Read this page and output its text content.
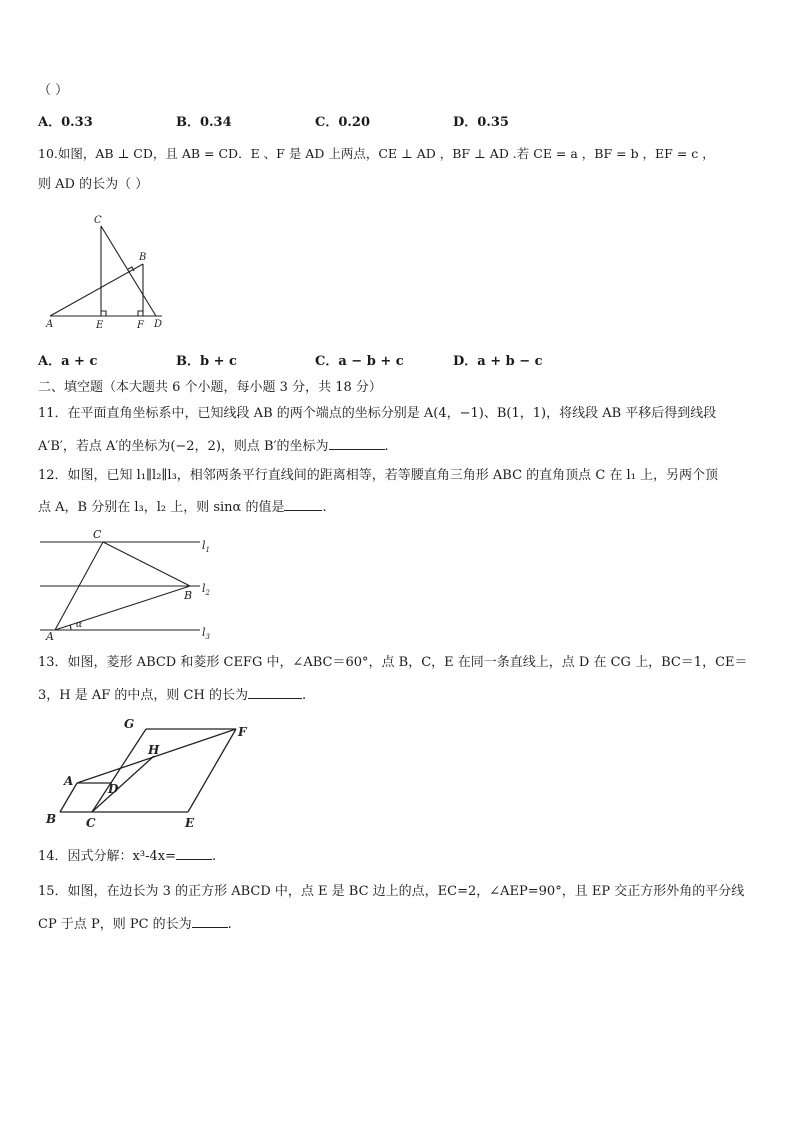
（ ）
A．0.33	B．0.34	C．0.20	D．0.35
10.如图，AB ⊥ CD，且 AB = CD．E 、F 是 AD 上两点，CE ⊥ AD ，BF ⊥ AD .若 CE = a ，BF = b ，EF = c ，
则 AD 的长为（ ）
C
B
A	E	F D
A．a + c	B．b + c	C．a − b + c	D．a + b − c
二、填空题（本大题共 6 个小题，每小题 3 分，共 18 分）
11．在平面直角坐标系中，已知线段 AB 的两个端点的坐标分别是 A(4，−1)、B(1，1)，将线段 AB 平移后得到线段
A′B′，若点 A′的坐标为(−2，2)，则点 B′的坐标为	.
12．如图，已知 l₁∥l₂∥l₃，相邻两条平行直线间的距离相等，若等腰直角三角形 ABC 的直角顶点 C 在 l₁ 上，另两个顶
点 A，B 分别在 l₃，l₂ 上，则 sinα 的值是	.
C
B
A
α
$l_1$
$l_2$
$l_3$
13．如图，菱形 ABCD 和菱形 CEFG 中，∠ABC＝60°，点 B，C，E 在同一条直线上，点 D 在 CG 上，BC＝1，CE＝
3，H 是 AF 的中点，则 CH 的长为	.
G
F
H
A
D
B C	E
14．因式分解：x³-4x=	.
15．如图，在边长为 3 的正方形 ABCD 中，点 E 是 BC 边上的点，EC=2，∠AEP=90°，且 EP 交正方形外角的平分线
CP 于点 P，则 PC 的长为	.
